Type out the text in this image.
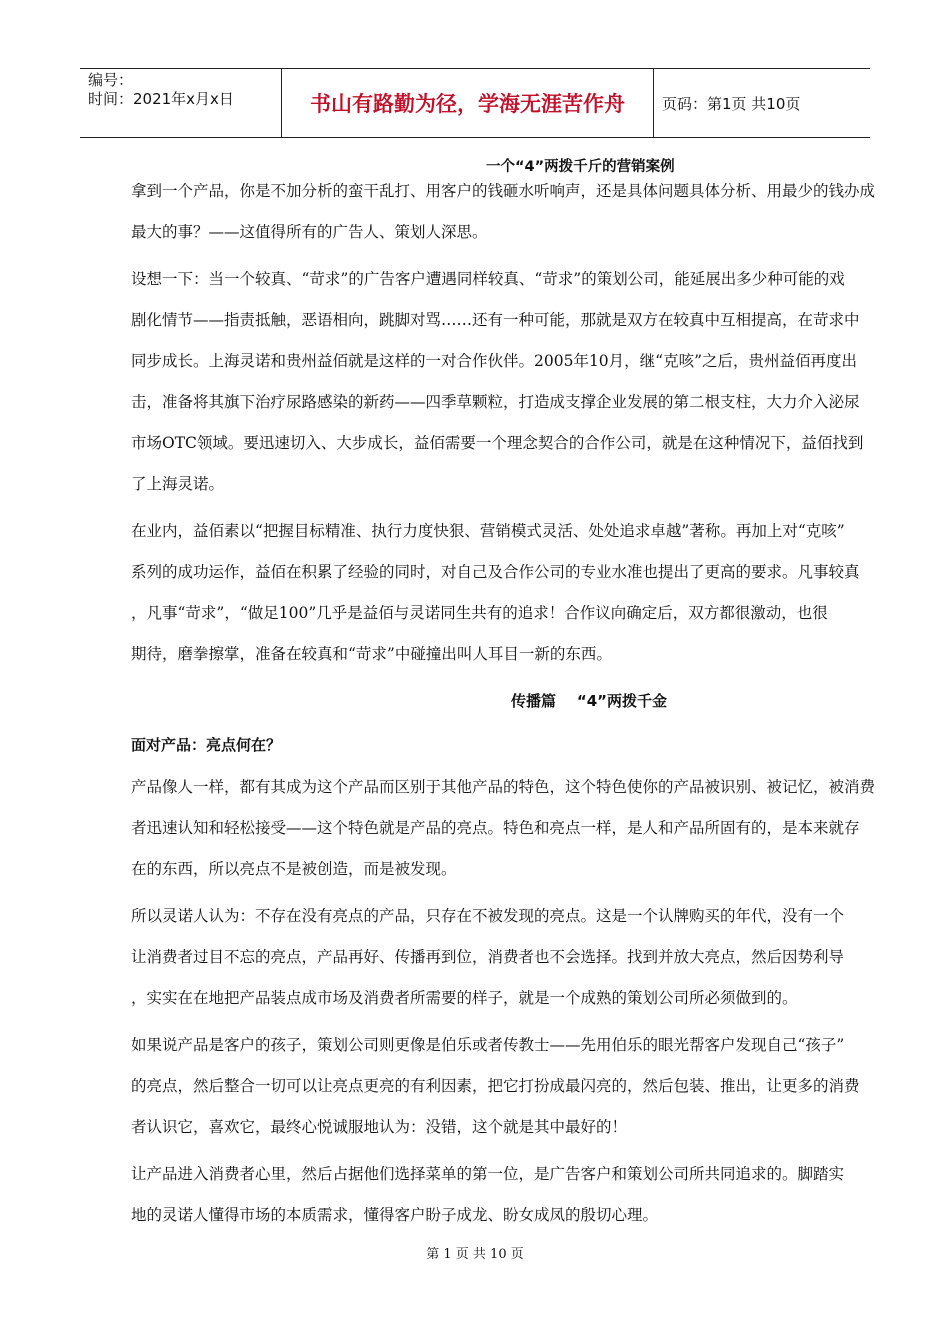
编号：
时间：2021年x月x日	书山有路勤为径，学海无涯苦作舟	页码：第1页 共10页
一个“4”两拨千斤的营销案例
拿到一个产品，你是不加分析的蛮干乱打、用客户的钱砸水听响声，还是具体问题具体分析、用最少的钱办成
最大的事？——这值得所有的广告人、策划人深思。
设想一下：当一个较真、“苛求”的广告客户遭遇同样较真、“苛求”的策划公司，能延展出多少种可能的戏
剧化情节——指责抵触，恶语相向，跳脚对骂……还有一种可能，那就是双方在较真中互相提高，在苛求中
同步成长。上海灵诺和贵州益佰就是这样的一对合作伙伴。2005年10月，继“克咳”之后，贵州益佰再度出
击，准备将其旗下治疗尿路感染的新药——四季草颗粒，打造成支撑企业发展的第二根支柱，大力介入泌尿
市场OTC领域。要迅速切入、大步成长，益佰需要一个理念契合的合作公司，就是在这种情况下，益佰找到
了上海灵诺。
在业内，益佰素以“把握目标精准、执行力度快狠、营销模式灵活、处处追求卓越”著称。再加上对“克咳”
系列的成功运作，益佰在积累了经验的同时，对自己及合作公司的专业水准也提出了更高的要求。凡事较真
，凡事“苛求”，“做足100”几乎是益佰与灵诺同生共有的追求！合作议向确定后，双方都很激动，也很
期待，磨拳擦掌，准备在较真和“苛求”中碰撞出叫人耳目一新的东西。
传播篇    “4”两拨千金
面对产品：亮点何在？
产品像人一样，都有其成为这个产品而区别于其他产品的特色，这个特色使你的产品被识别、被记忆，被消费
者迅速认知和轻松接受——这个特色就是产品的亮点。特色和亮点一样，是人和产品所固有的，是本来就存
在的东西，所以亮点不是被创造，而是被发现。
所以灵诺人认为：不存在没有亮点的产品，只存在不被发现的亮点。这是一个认牌购买的年代，没有一个
让消费者过目不忘的亮点，产品再好、传播再到位，消费者也不会选择。找到并放大亮点，然后因势利导
，实实在在地把产品装点成市场及消费者所需要的样子，就是一个成熟的策划公司所必须做到的。
如果说产品是客户的孩子，策划公司则更像是伯乐或者传教士——先用伯乐的眼光帮客户发现自己“孩子”
的亮点，然后整合一切可以让亮点更亮的有利因素，把它打扮成最闪亮的，然后包装、推出，让更多的消费
者认识它，喜欢它，最终心悦诚服地认为：没错，这个就是其中最好的！
让产品进入消费者心里，然后占据他们选择菜单的第一位，是广告客户和策划公司所共同追求的。脚踏实
地的灵诺人懂得市场的本质需求，懂得客户盼子成龙、盼女成凤的殷切心理。
第 1 页 共 10 页
